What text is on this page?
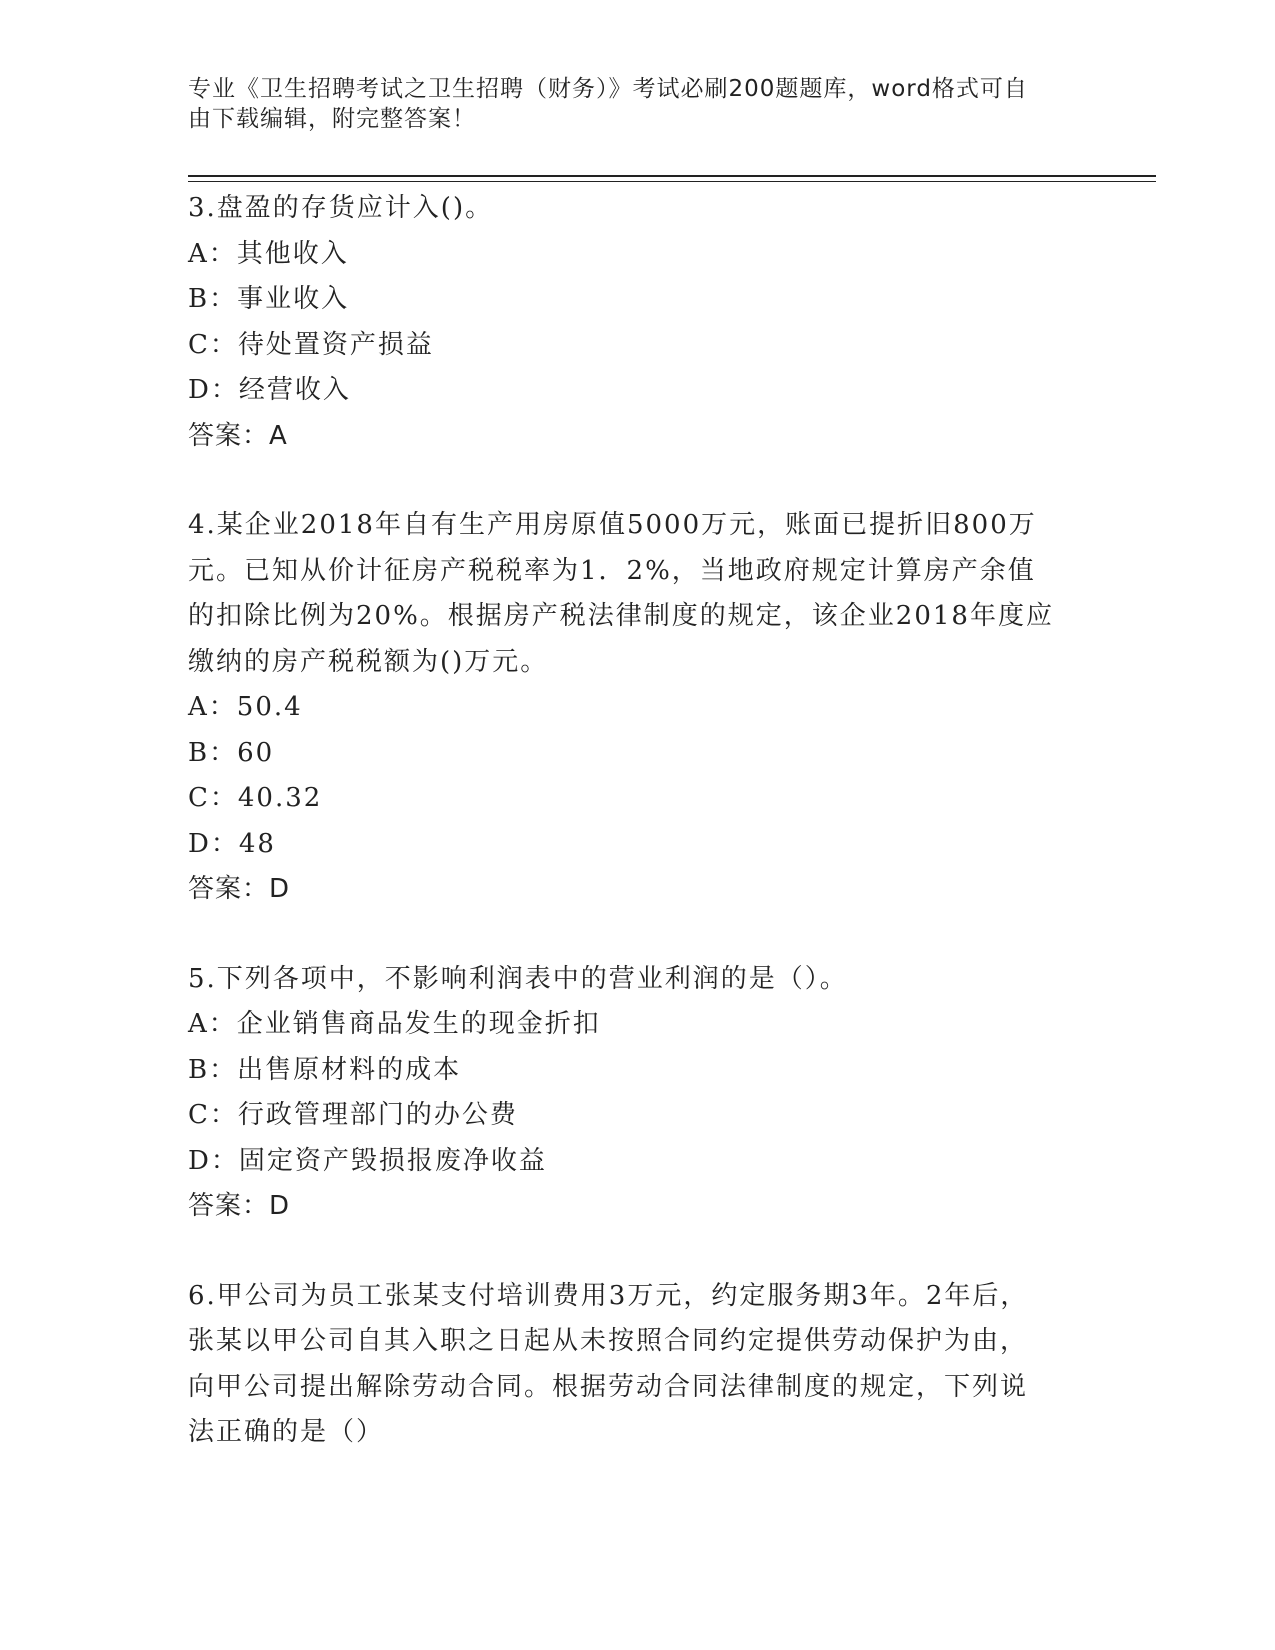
专业《卫生招聘考试之卫生招聘（财务）》考试必刷200题题库，word格式可自
由下载编辑，附完整答案！

3.盘盈的存货应计入()。

A：其他收入

B：事业收入

C：待处置资产损益

D：经营收入

答案：A

4.某企业2018年自有生产用房原值5000万元，账面已提折旧800万

元。已知从价计征房产税税率为1．2%，当地政府规定计算房产余值

的扣除比例为20%。根据房产税法律制度的规定，该企业2018年度应

缴纳的房产税税额为()万元。

A：50.4

B：60

C：40.32

D：48

答案：D

5.下列各项中，不影响利润表中的营业利润的是（）。

A：企业销售商品发生的现金折扣

B：出售原材料的成本

C：行政管理部门的办公费

D：固定资产毁损报废净收益

答案：D

6.甲公司为员工张某支付培训费用3万元，约定服务期3年。2年后，

张某以甲公司自其入职之日起从未按照合同约定提供劳动保护为由，

向甲公司提出解除劳动合同。根据劳动合同法律制度的规定，下列说

法正确的是（）
